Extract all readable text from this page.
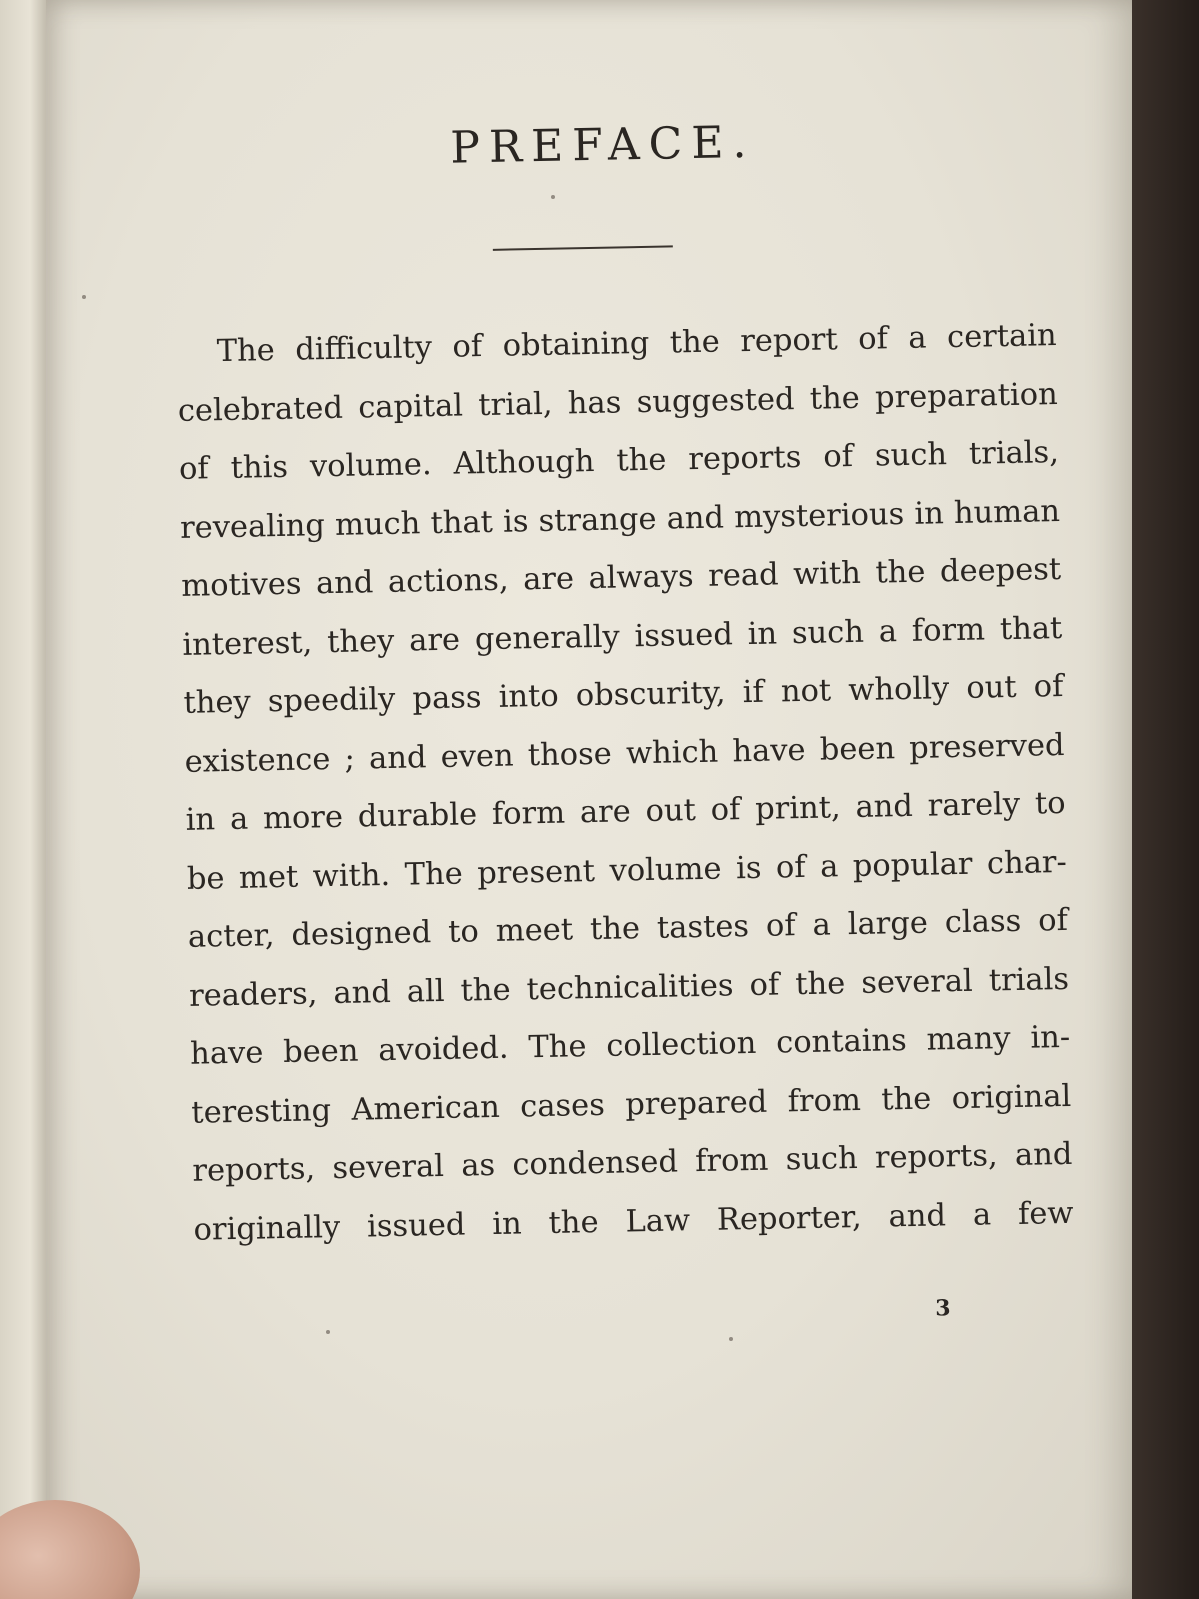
PREFACE.
The difficulty of obtaining the report of a certain
celebrated capital trial, has suggested the preparation
of this volume. Although the reports of such trials,
revealing much that is strange and mysterious in human
motives and actions, are always read with the deepest
interest, they are generally issued in such a form that
they speedily pass into obscurity, if not wholly out of
existence ; and even those which have been preserved
in a more durable form are out of print, and rarely to
be met with. The present volume is of a popular char-
acter, designed to meet the tastes of a large class of
readers, and all the technicalities of the several trials
have been avoided. The collection contains many in-
teresting American cases prepared from the original
reports, several as condensed from such reports, and
originally issued in the Law Reporter, and a few
3
